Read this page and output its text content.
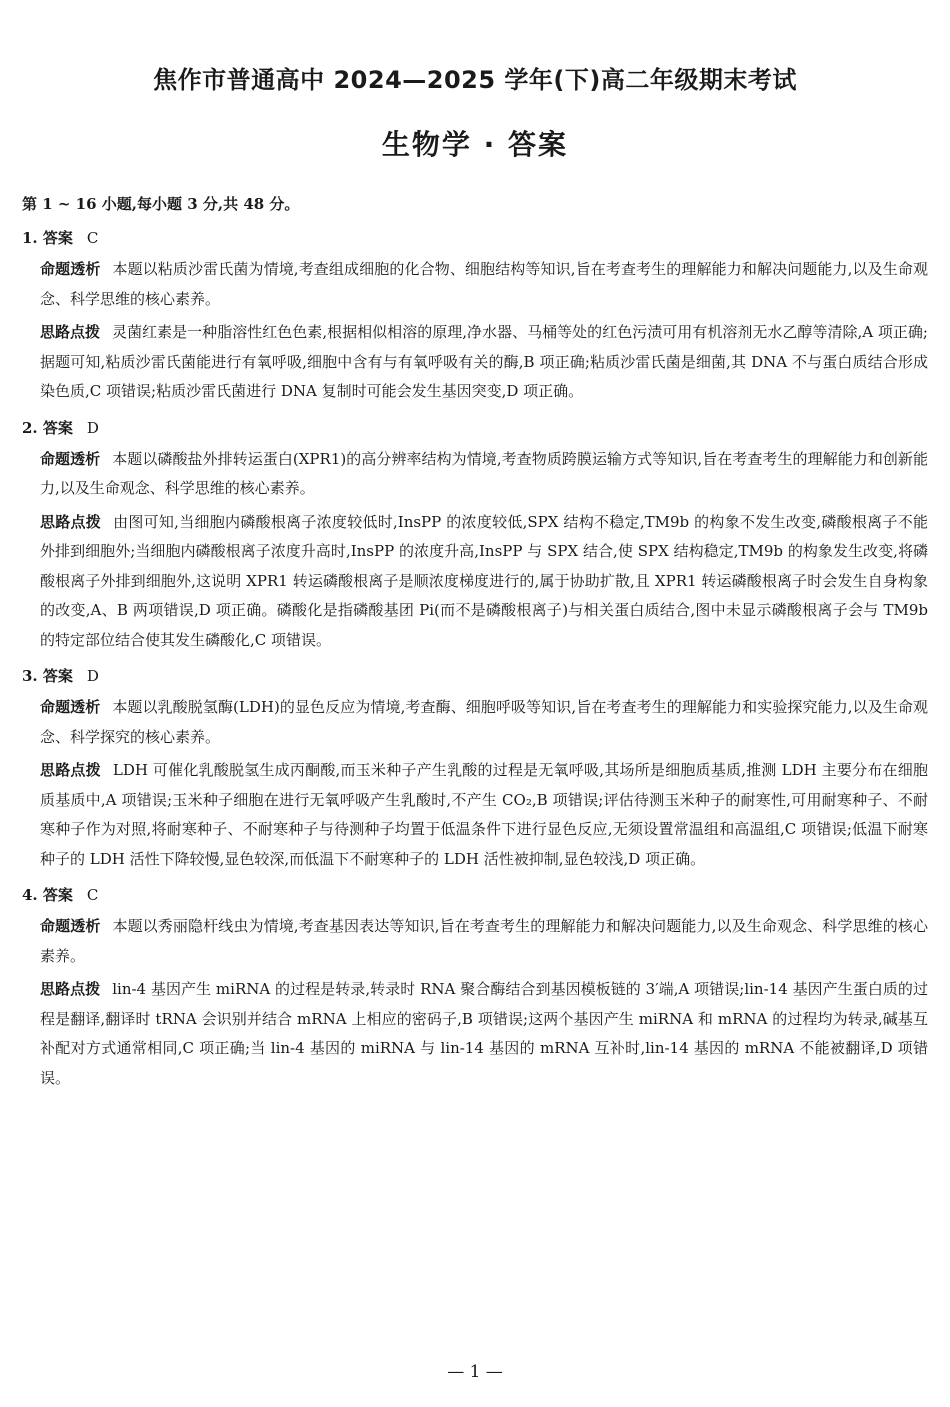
焦作市普通高中 2024—2025 学年(下)高二年级期末考试
生物学 · 答案
第 1 ~ 16 小题,每小题 3 分,共 48 分。
1. 答案 C
命题透析 本题以粘质沙雷氏菌为情境,考查组成细胞的化合物、细胞结构等知识,旨在考查考生的理解能力和解决问题能力,以及生命观念、科学思维的核心素养。
思路点拨 灵菌红素是一种脂溶性红色色素,根据相似相溶的原理,净水器、马桶等处的红色污渍可用有机溶剂无水乙醇等清除,A 项正确;据题可知,粘质沙雷氏菌能进行有氧呼吸,细胞中含有与有氧呼吸有关的酶,B 项正确;粘质沙雷氏菌是细菌,其 DNA 不与蛋白质结合形成染色质,C 项错误;粘质沙雷氏菌进行 DNA 复制时可能会发生基因突变,D 项正确。
2. 答案 D
命题透析 本题以磷酸盐外排转运蛋白(XPR1)的高分辨率结构为情境,考查物质跨膜运输方式等知识,旨在考查考生的理解能力和创新能力,以及生命观念、科学思维的核心素养。
思路点拨 由图可知,当细胞内磷酸根离子浓度较低时,InsPP 的浓度较低,SPX 结构不稳定,TM9b 的构象不发生改变,磷酸根离子不能外排到细胞外;当细胞内磷酸根离子浓度升高时,InsPP 的浓度升高,InsPP 与 SPX 结合,使 SPX 结构稳定,TM9b 的构象发生改变,将磷酸根离子外排到细胞外,这说明 XPR1 转运磷酸根离子是顺浓度梯度进行的,属于协助扩散,且 XPR1 转运磷酸根离子时会发生自身构象的改变,A、B 两项错误,D 项正确。磷酸化是指磷酸基团 Pi(而不是磷酸根离子)与相关蛋白质结合,图中未显示磷酸根离子会与 TM9b 的特定部位结合使其发生磷酸化,C 项错误。
3. 答案 D
命题透析 本题以乳酸脱氢酶(LDH)的显色反应为情境,考查酶、细胞呼吸等知识,旨在考查考生的理解能力和实验探究能力,以及生命观念、科学探究的核心素养。
思路点拨 LDH 可催化乳酸脱氢生成丙酮酸,而玉米种子产生乳酸的过程是无氧呼吸,其场所是细胞质基质,推测 LDH 主要分布在细胞质基质中,A 项错误;玉米种子细胞在进行无氧呼吸产生乳酸时,不产生 CO₂,B 项错误;评估待测玉米种子的耐寒性,可用耐寒种子、不耐寒种子作为对照,将耐寒种子、不耐寒种子与待测种子均置于低温条件下进行显色反应,无须设置常温组和高温组,C 项错误;低温下耐寒种子的 LDH 活性下降较慢,显色较深,而低温下不耐寒种子的 LDH 活性被抑制,显色较浅,D 项正确。
4. 答案 C
命题透析 本题以秀丽隐杆线虫为情境,考查基因表达等知识,旨在考查考生的理解能力和解决问题能力,以及生命观念、科学思维的核心素养。
思路点拨 lin-4 基因产生 miRNA 的过程是转录,转录时 RNA 聚合酶结合到基因模板链的 3′端,A 项错误;lin-14 基因产生蛋白质的过程是翻译,翻译时 tRNA 会识别并结合 mRNA 上相应的密码子,B 项错误;这两个基因产生 miRNA 和 mRNA 的过程均为转录,碱基互补配对方式通常相同,C 项正确;当 lin-4 基因的 miRNA 与 lin-14 基因的 mRNA 互补时,lin-14 基因的 mRNA 不能被翻译,D 项错误。
— 1 —
